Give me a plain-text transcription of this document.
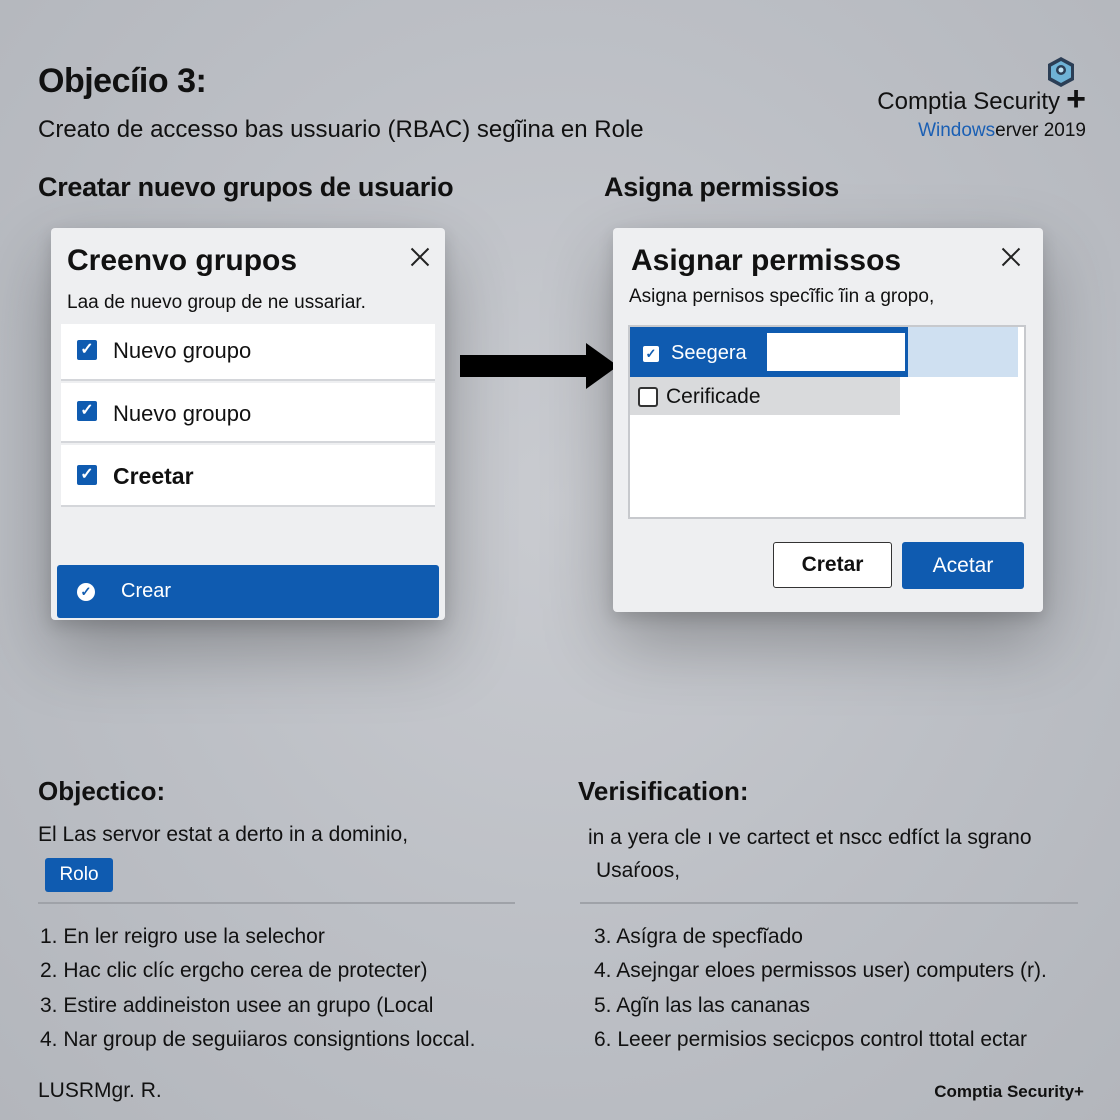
Objecíio 3:
Creato de accesso bas ussuario (RBAC) segĩina en Role
Comptia Security +
Windowserver 2019
Creatar nuevo grupos de usuario	Asigna permissios
Creenvo grupos
Laa de nuevo group de ne ussariar.
✓ Nuevo groupo
✓ Nuevo groupo
✓ Creetar
✓ Crear
Asignar permissos
Asigna pernisos specĩfic ĩin a gropo,
✓ Seegera
Cerificade
Cretar	Acetar
Objectico:
El Las servor estat a derto in a dominio,
Rolo
1. En ler reigro use la selechor
2. Hac clic clíc ergcho cerea de protecter)
3. Estire addineiston usee an grupo (Local
4. Nar group de seguiiaros consigntions loccal.
Verisification:
in a yera cle ı ve cartect et nscc edfíct la sgrano
Usaŕoos,
3. Asígra de specfĩado
4. Asejngar eloes permissos user) computers (r).
5. Agĩn las las cananas
6. Leeer permisios secicpos control ttotal ectar
LUSRMgr. R.	Comptia Security+
